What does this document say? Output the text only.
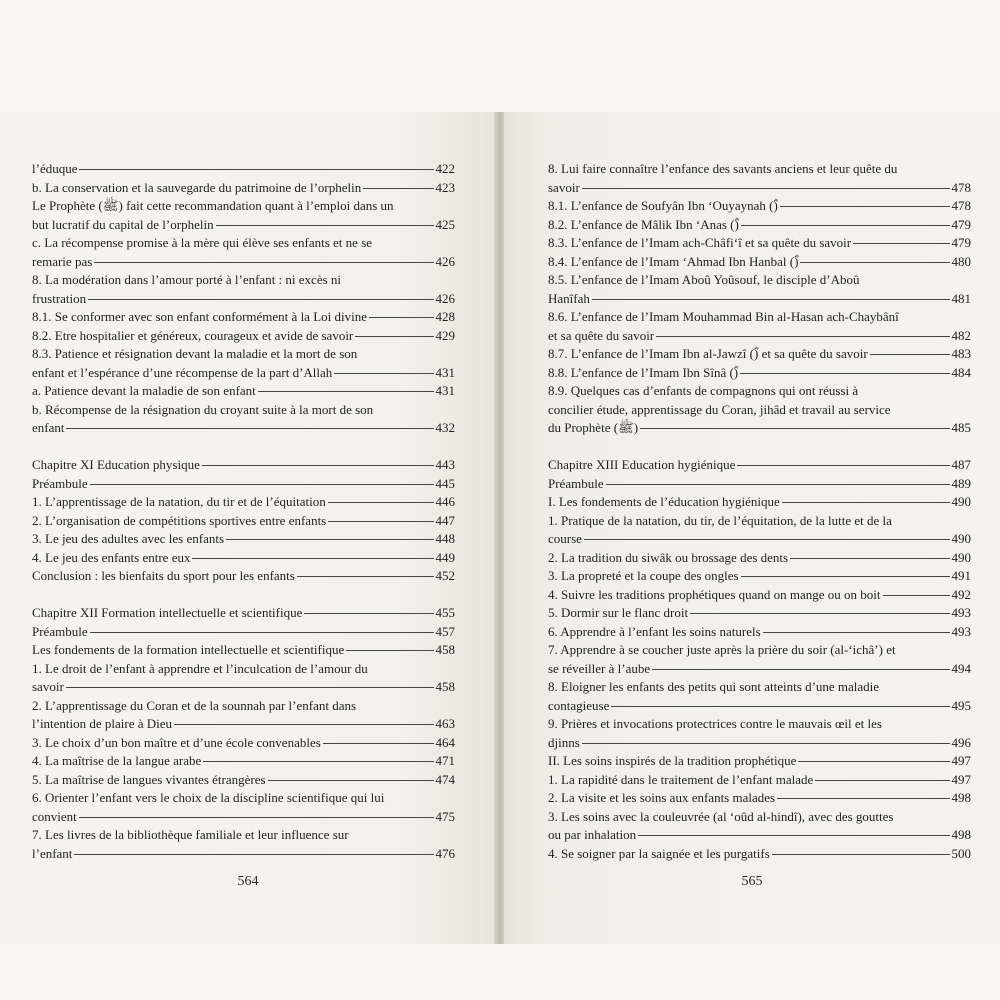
l’éduque	422
b. La conservation et la sauvegarde du patrimoine de l’orphelin	423
Le Prophète (ﷺ) fait cette recommandation quant à l’emploi dans un
but lucratif du capital de l’orphelin	425
c. La récompense promise à la mère qui élève ses enfants et ne se
remarie pas	426
8. La modération dans l’amour porté à l’enfant : ni excès ni
frustration	426
8.1. Se conformer avec son enfant conformément à la Loi divine	428
8.2. Etre hospitalier et généreux, courageux et avide de savoir	429
8.3. Patience et résignation devant la maladie et la mort de son
enfant et l’espérance d’une récompense de la part d’Allah	431
a. Patience devant la maladie de son enfant	431
b. Récompense de la résignation du croyant suite à la mort de son
enfant	432
Chapitre XI Education physique	443
Préambule	445
1. L’apprentissage de la natation, du tir et de l’équitation	446
2. L’organisation de compétitions sportives entre enfants	447
3. Le jeu des adultes avec les enfants	448
4. Le jeu des enfants entre eux	449
Conclusion : les bienfaits du sport pour les enfants	452
Chapitre XII Formation intellectuelle et scientifique	455
Préambule	457
Les fondements de la formation intellectuelle et scientifique	458
1. Le droit de l’enfant à apprendre et l’inculcation de l’amour du
savoir	458
2. L’apprentissage du Coran et de la sounnah par l’enfant dans
l’intention de plaire à Dieu	463
3. Le choix d’un bon maître et d’une école convenables	464
4. La maîtrise de la langue arabe	471
5. La maîtrise de langues vivantes étrangères	474
6. Orienter l’enfant vers le choix de la discipline scientifique qui lui
convient	475
7. Les livres de la bibliothèque familiale et leur influence sur
l’enfant	476
564
8. Lui faire connaître l’enfance des savants anciens et leur quête du
savoir	478
8.1. L’enfance de Soufyân Ibn ‘Ouyaynah (ؓ)	478
8.2. L’enfance de Mâlik Ibn ‘Anas (ؓ)	479
8.3. L’enfance de l’Imam ach-Châfi‘î et sa quête du savoir	479
8.4. L’enfance de l’Imam ‘Ahmad Ibn Hanbal (ؓ)	480
8.5. L’enfance de l’Imam Aboû Yoûsouf, le disciple d’Aboû
Hanîfah	481
8.6. L’enfance de l’Imam Mouhammad Bin al-Hasan ach-Chaybânî
et sa quête du savoir	482
8.7. L’enfance de l’Imam Ibn al-Jawzî (ؓ) et sa quête du savoir	483
8.8. L’enfance de l’Imam Ibn Sînâ (ؓ)	484
8.9. Quelques cas d’enfants de compagnons qui ont réussi à
concilier étude, apprentissage du Coran, jihâd et travail au service
du Prophète (ﷺ)	485
Chapitre XIII Education hygiénique	487
Préambule	489
I. Les fondements de l’éducation hygiénique	490
1. Pratique de la natation, du tir, de l’équitation, de la lutte et de la
course	490
2. La tradition du siwâk ou brossage des dents	490
3. La propreté et la coupe des ongles	491
4. Suivre les traditions prophétiques quand on mange ou on boit	492
5. Dormir sur le flanc droit	493
6. Apprendre à l’enfant les soins naturels	493
7. Apprendre à se coucher juste après la prière du soir (al-‘ichâ’) et
se réveiller à l’aube	494
8. Eloigner les enfants des petits qui sont atteints d’une maladie
contagieuse	495
9. Prières et invocations protectrices contre le mauvais œil et les
djinns	496
II. Les soins inspirés de la tradition prophétique	497
1. La rapidité dans le traitement de l’enfant malade	497
2. La visite et les soins aux enfants malades	498
3. Les soins avec la couleuvrée (al ‘oûd al-hindî), avec des gouttes
ou par inhalation	498
4. Se soigner par la saignée et les purgatifs	500
565
